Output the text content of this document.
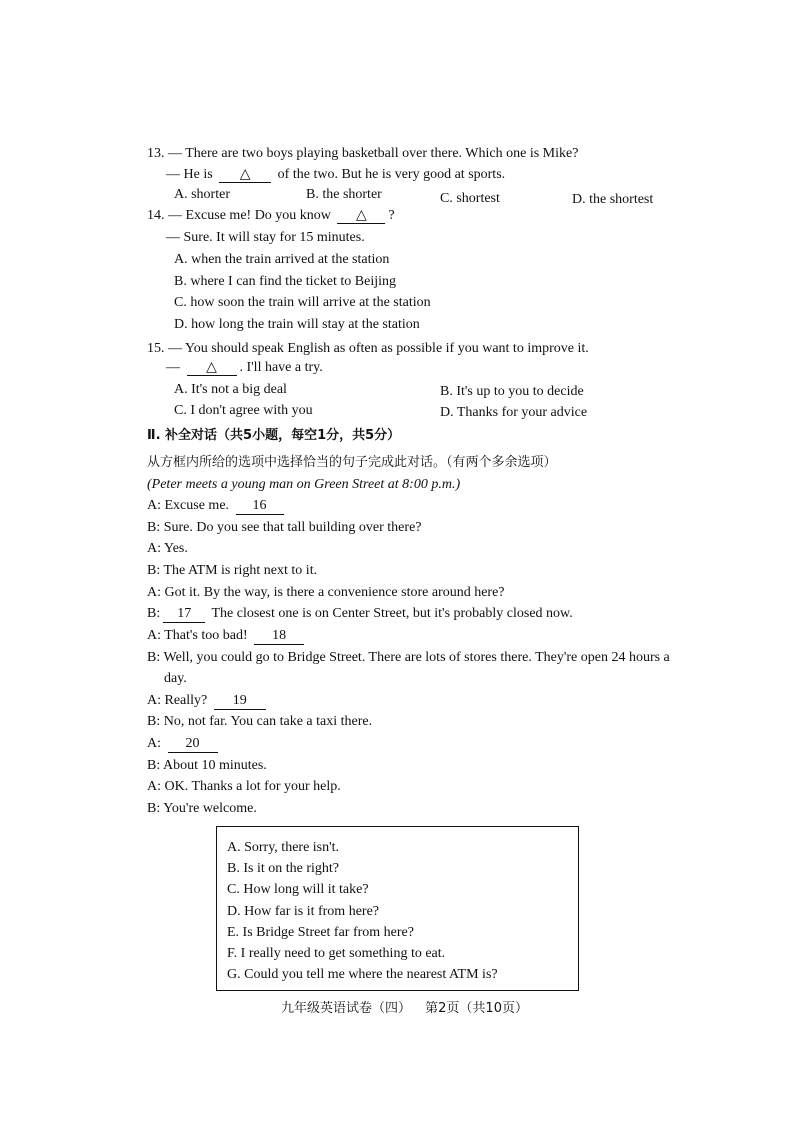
13. — There are two boys playing basketball over there. Which one is Mike?
— He is △ of the two. But he is very good at sports.
A. shorter	B. the shorter	C. shortest	D. the shortest
14. — Excuse me! Do you know △ ?
— Sure. It will stay for 15 minutes.
A. when the train arrived at the station
B. where I can find the ticket to Beijing
C. how soon the train will arrive at the station
D. how long the train will stay at the station
15. — You should speak English as often as possible if you want to improve it.
— △ . I'll have a try.
A. It's not a big deal	B. It's up to you to decide
C. I don't agree with you	D. Thanks for your advice
Ⅱ. 补全对话（共5小题，每空1分，共5分）
从方框内所给的选项中选择恰当的句子完成此对话。（有两个多余选项）
(Peter meets a young man on Green Street at 8:00 p.m.)
A: Excuse me. 16
B: Sure. Do you see that tall building over there?
A: Yes.
B: The ATM is right next to it.
A: Got it. By the way, is there a convenience store around here?
B: 17 The closest one is on Center Street, but it's probably closed now.
A: That's too bad! 18
B: Well, you could go to Bridge Street. There are lots of stores there. They're open 24 hours a
day.
A: Really? 19
B: No, not far. You can take a taxi there.
A: 20
B: About 10 minutes.
A: OK. Thanks a lot for your help.
B: You're welcome.
A. Sorry, there isn't.
B. Is it on the right?
C. How long will it take?
D. How far is it from here?
E. Is Bridge Street far from here?
F. I really need to get something to eat.
G. Could you tell me where the nearest ATM is?
九年级英语试卷（四） 第2页（共10页）
